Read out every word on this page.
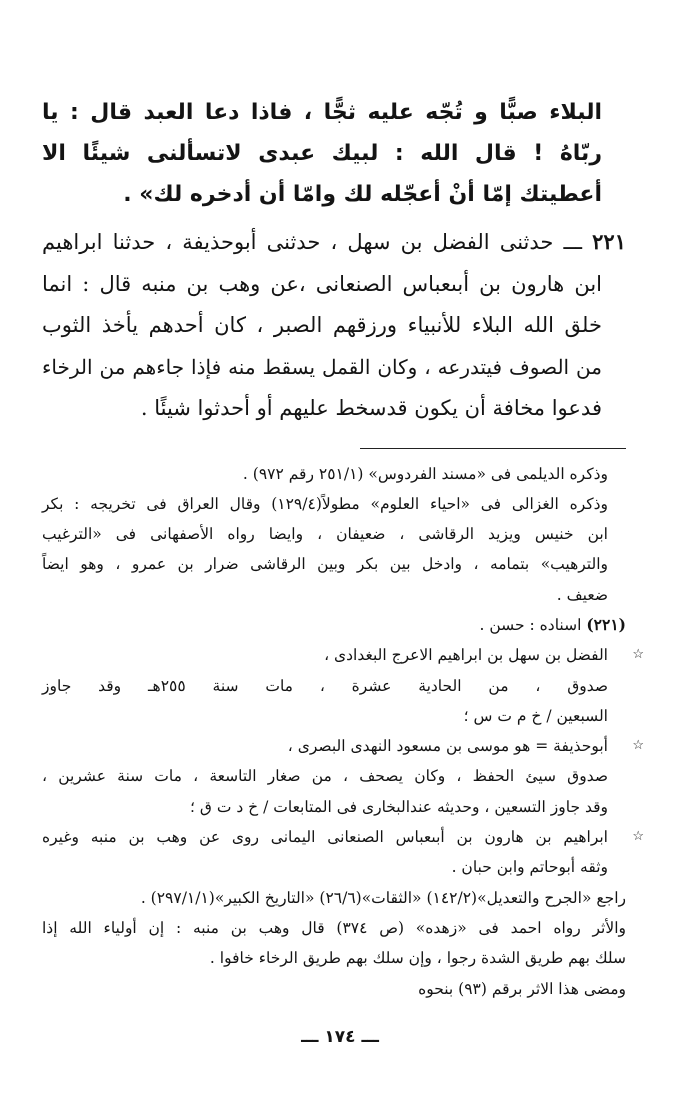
البلاء صبًّا و تُجّه عليه ثجًّا ، فاذا دعا العبد قال : يا
ربّاهُ ! قال الله : لبيك عبدى لاتسألنى شيئًا الا
أعطيتك إمّا أنْ أعجّله لك وامّا أن أدخره لك» .
٢٢١ ـــ حدثنى الفضل بن سهل ، حدثنى أبوحذيفة ، حدثنا ابراهيم
ابن هارون بن أبىعباس الصنعانى ،عن وهب بن منبه قال : انما
خلق الله البلاء للأنبياء ورزقهم الصبر ، كان أحدهم يأخذ الثوب
من الصوف فيتدرعه ، وكان القمل يسقط منه فإذا جاءهم من الرخاء
فدعوا مخافة أن يكون قدسخط عليهم أو أحدثوا شيئًا .
وذكره الديلمى فى «مسند الفردوس» (٢٥١/١ رقم ٩٧٢) .
وذكره الغزالى فى «احياء العلوم» مطولاً(١٢٩/٤) وقال العراق فى تخريجه : بكر
ابن خنيس ويزيد الرقاشى ، ضعيفان ، وايضا رواه الأصفهانى فى «الترغيب
والترهيب» بتمامه ، وادخل بين بكر وبين الرقاشى ضرار بن عمرو ، وهو ايضاً
ضعيف .
(٢٢١) اسناده : حسن .
☆
الفضل بن سهل بن ابراهيم الاعرج البغدادى ،
صدوق ، من الحادية عشرة ، مات سنة ٢٥٥هـ وقد جاوز
السبعين / خ م ت س ؛
☆
أبوحذيفة = هو موسى بن مسعود النهدى البصرى ،
صدوق سيئ الحفظ ، وكان يصحف ، من صغار التاسعة ، مات سنة عشرين ،
وقد جاوز التسعين ، وحديثه عندالبخارى فى المتابعات / خ د ت ق ؛
☆
ابراهيم بن هارون بن أبىعباس الصنعانى اليمانى روى عن وهب بن منبه وغيره
وثقه أبوحاتم وابن حبان .
راجع «الجرح والتعديل»(١٤٢/٢) «الثقات»(٢٦/٦) «التاريخ الكبير»(٢٩٧/١/١) .
والأثر رواه احمد فى «زهده» (ص ٣٧٤) قال وهب بن منبه : إن أولياء الله إذا
سلك بهم طريق الشدة رجوا ، وإن سلك بهم طريق الرخاء خافوا .
ومضى هذا الاثر برقم (٩٣) بنحوه
ـــ ١٧٤ ـــ
